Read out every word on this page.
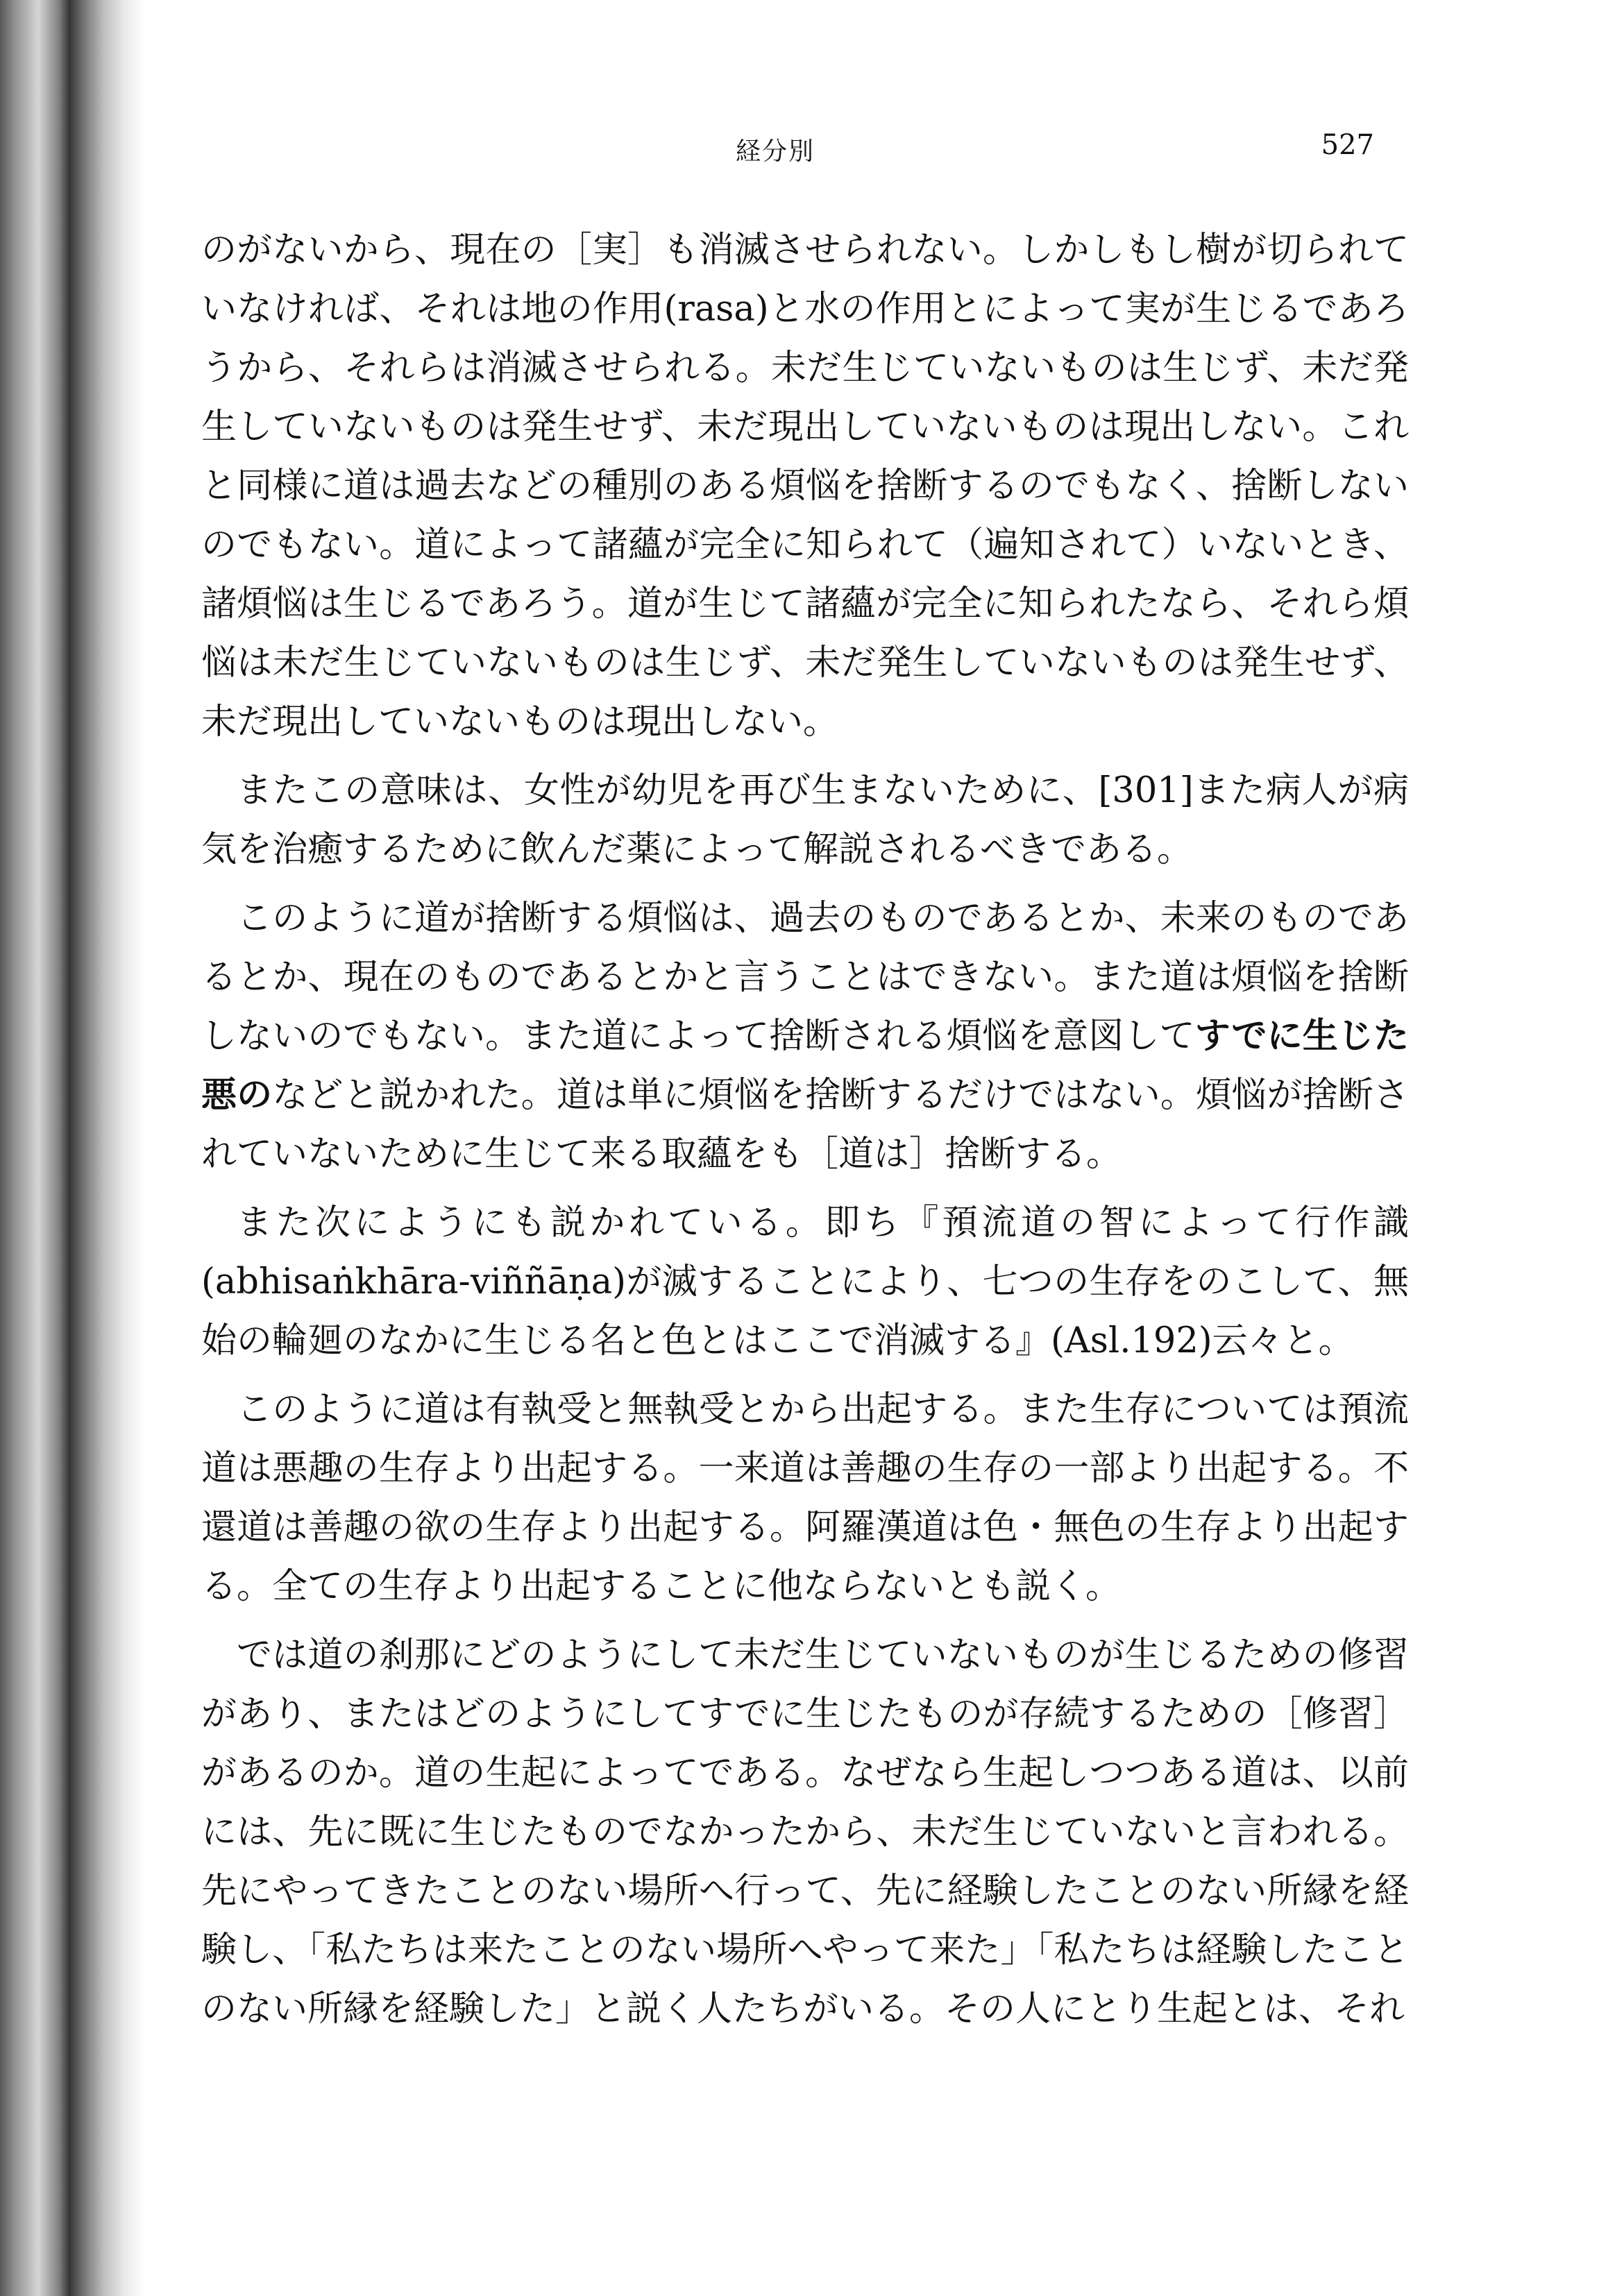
経分別	527

のがないから、現在の［実］も消滅させられない。しかしもし樹が切られていなければ、それは地の作用(rasa)と水の作用とによって実が生じるであろうから、それらは消滅させられる。未だ生じていないものは生じず、未だ発生していないものは発生せず、未だ現出していないものは現出しない。これと同様に道は過去などの種別のある煩悩を捨断するのでもなく、捨断しないのでもない。道によって諸蘊が完全に知られて（遍知されて）いないとき、諸煩悩は生じるであろう。道が生じて諸蘊が完全に知られたなら、それら煩悩は未だ生じていないものは生じず、未だ発生していないものは発生せず、未だ現出していないものは現出しない。

またこの意味は、女性が幼児を再び生まないために、[301]また病人が病気を治癒するために飲んだ薬によって解説されるべきである。

このように道が捨断する煩悩は、過去のものであるとか、未来のものであるとか、現在のものであるとかと言うことはできない。また道は煩悩を捨断しないのでもない。また道によって捨断される煩悩を意図してすでに生じた悪のなどと説かれた。道は単に煩悩を捨断するだけではない。煩悩が捨断されていないために生じて来る取蘊をも［道は］捨断する。

また次にようにも説かれている。即ち『預流道の智によって行作識(abhisaṅkhāra-viññāṇa)が滅することにより、七つの生存をのこして、無始の輪廻のなかに生じる名と色とはここで消滅する』(Asl.192)云々と。

このように道は有執受と無執受とから出起する。また生存については預流道は悪趣の生存より出起する。一来道は善趣の生存の一部より出起する。不還道は善趣の欲の生存より出起する。阿羅漢道は色・無色の生存より出起する。全ての生存より出起することに他ならないとも説く。

では道の刹那にどのようにして未だ生じていないものが生じるための修習があり、またはどのようにしてすでに生じたものが存続するための［修習］があるのか。道の生起によってである。なぜなら生起しつつある道は、以前には、先に既に生じたものでなかったから、未だ生じていないと言われる。先にやってきたことのない場所へ行って、先に経験したことのない所縁を経験し、「私たちは来たことのない場所へやって来た」「私たちは経験したことのない所縁を経験した」と説く人たちがいる。その人にとり生起とは、それ
